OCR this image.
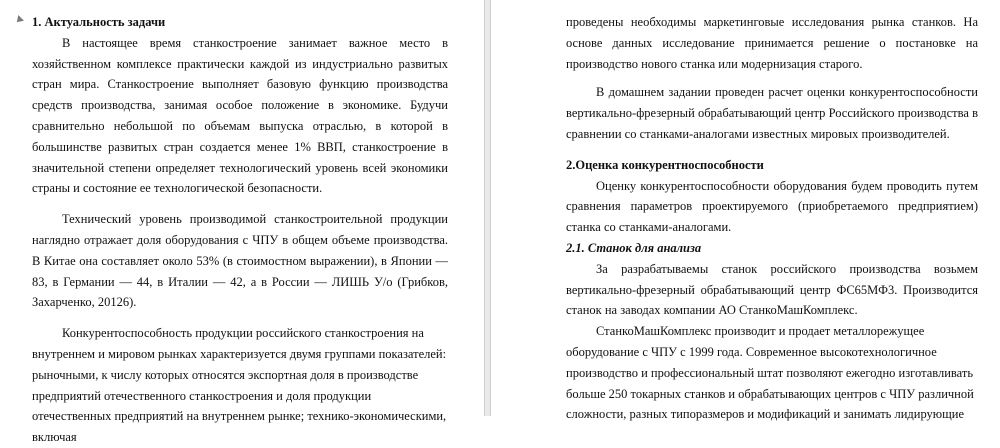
1. Актуальность задачи

В настоящее время станкостроение занимает важное место в хозяйственном комплексе практически каждой из индустриально развитых стран мира. Станкостроение выполняет базовую функцию производства средств производства, занимая особое положение в экономике. Будучи сравнительно небольшой по объемам выпуска отраслью, в которой в большинстве развитых стран создается менее 1% ВВП, станкостроение в значительной степени определяет технологический уровень всей экономики страны и состояние ее технологической безопасности.

Технический уровень производимой станкостроительной продукции наглядно отражает доля оборудования с ЧПУ в общем объеме производства. В Китае она составляет около 53% (в стоимостном выражении), в Японии — 83, в Германии — 44, в Италии — 42, а в России — ЛИШЬ У/о (Грибков, Захарченко, 20126).

Конкурентоспособность продукции российского станкостроения на внутреннем и мировом рынках характеризуется двумя группами показателей: рыночными, к числу которых относятся экспортная доля в производстве предприятий отечественного станкостроения и доля продукции отечественных предприятий на внутреннем рынке; технико-экономическими, включая

проведены необходимы маркетинговые исследования рынка станков. На основе данных исследование принимается решение о постановке на производство нового станка или модернизация старого.

В домашнем задании проведен расчет оценки конкурентоспособности вертикально-фрезерный обрабатывающий центр Российского производства в сравнении со станками-аналогами известных мировых производителей.

2.Оценка конкурентноспособности

Оценку конкурентоспособности оборудования будем проводить путем сравнения параметров проектируемого (приобретаемого предприятием) станка со станками-аналогами.

2.1. Станок для анализа

За разрабатываемы станок российского производства возьмем вертикально-фрезерный обрабатывающий центр ФС65МФ3. Производится станок на заводах компании АО СтанкоМашКомплекс.

СтанкоМашКомплекс производит и продает металлорежущее оборудование с ЧПУ с 1999 года. Современное высокотехнологичное производство и профессиональный штат позволяют ежегодно изготавливать больше 250 токарных станков и обрабатывающих центров с ЧПУ различной сложности, разных типоразмеров и модификаций и занимать лидирующие
